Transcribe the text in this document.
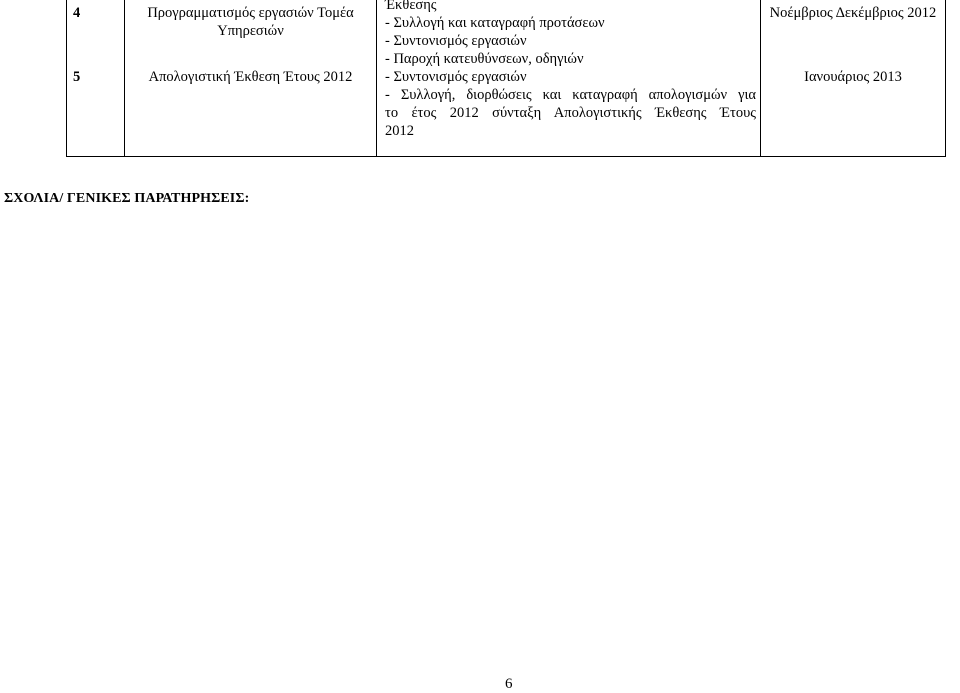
4	Προγραμματισμός εργασιών Τομέα Υπηρεσιών	Έκθεσης
- Συλλογή και καταγραφή προτάσεων
- Συντονισμός εργασιών
- Παροχή κατευθύνσεων, οδηγιών	Νοέμβριος Δεκέμβριος 2012
5	Απολογιστική Έκθεση Έτους 2012	- Συντονισμός εργασιών
- Συλλογή, διορθώσεις και καταγραφή απολογισμών για
το έτος 2012 σύνταξη Απολογιστικής Έκθεσης Έτους
2012	Ιανουάριος 2013
ΣΧΟΛΙΑ/ ΓΕΝΙΚΕΣ ΠΑΡΑΤΗΡΗΣΕΙΣ:
6
